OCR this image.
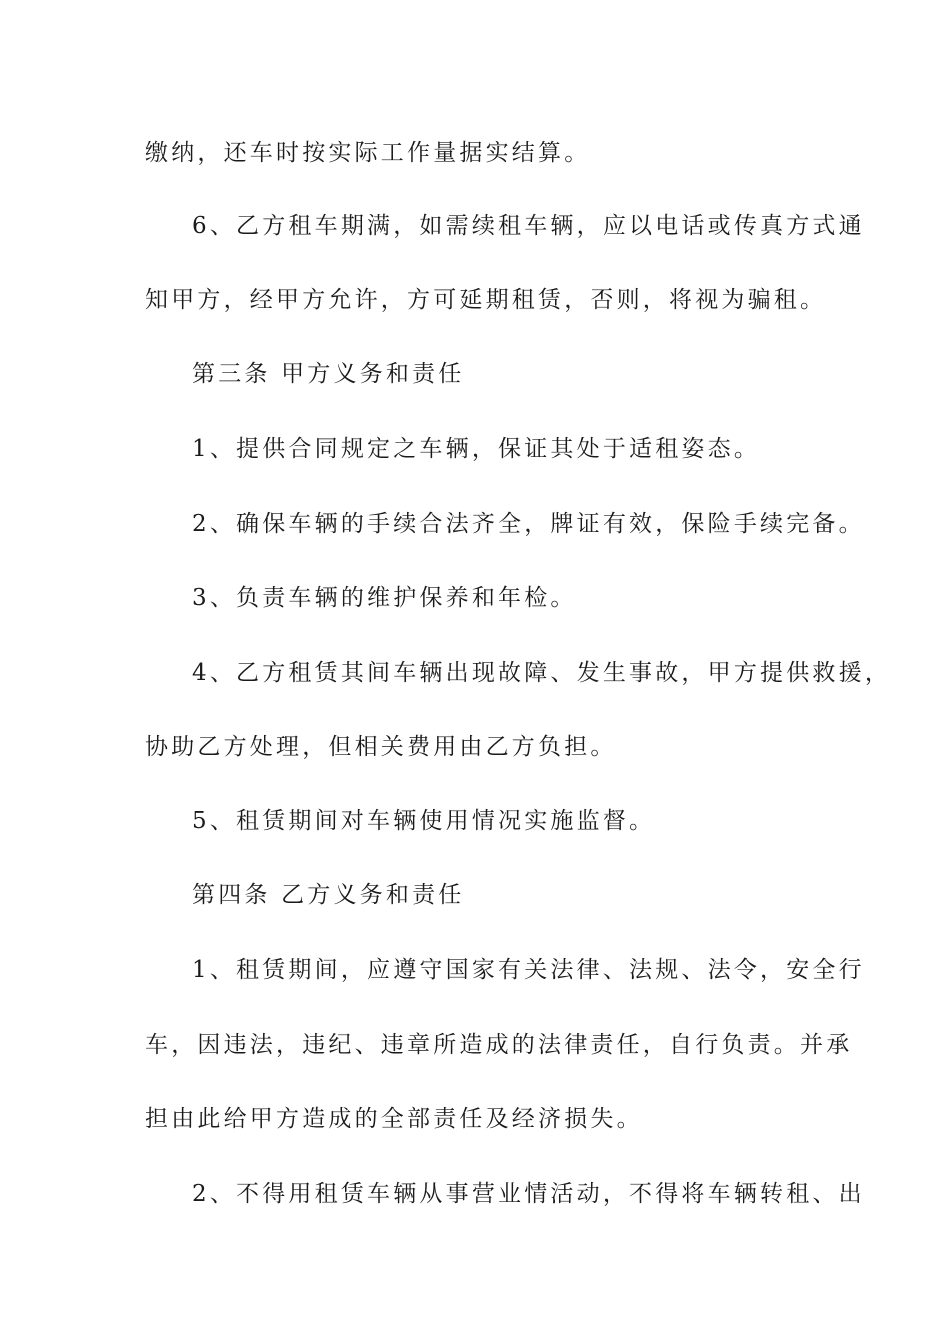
缴纳，还车时按实际工作量据实结算。
6、乙方租车期满，如需续租车辆，应以电话或传真方式通
知甲方，经甲方允许，方可延期租赁，否则，将视为骗租。
第三条 甲方义务和责任
1、提供合同规定之车辆，保证其处于适租姿态。
2、确保车辆的手续合法齐全，牌证有效，保险手续完备。
3、负责车辆的维护保养和年检。
4、乙方租赁其间车辆出现故障、发生事故，甲方提供救援，
协助乙方处理，但相关费用由乙方负担。
5、租赁期间对车辆使用情况实施监督。
第四条 乙方义务和责任
1、租赁期间，应遵守国家有关法律、法规、法令，安全行
车，因违法，违纪、违章所造成的法律责任，自行负责。并承
担由此给甲方造成的全部责任及经济损失。
2、不得用租赁车辆从事营业情活动，不得将车辆转租、出
